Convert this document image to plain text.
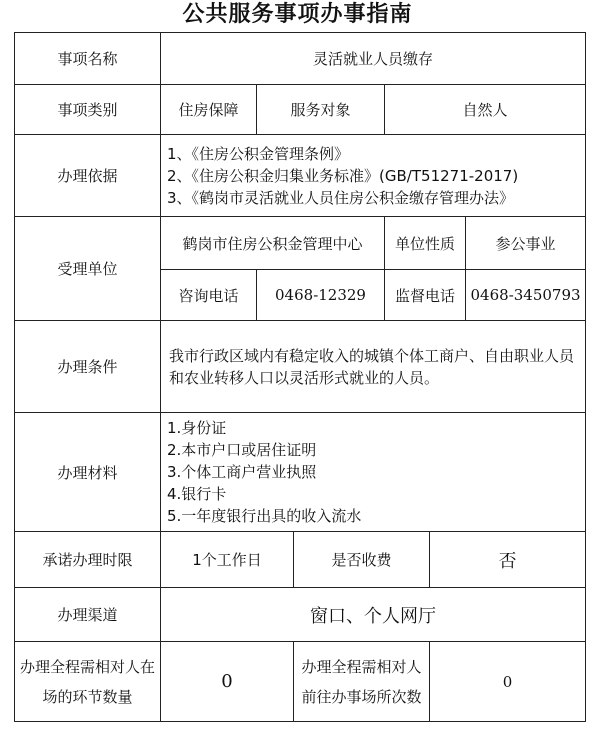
公共服务事项办事指南
事项名称	灵活就业人员缴存					
事项类别	住房保障	服务对象		自然人		
办理依据	1、《住房公积金管理条例》
2、《住房公积金归集业务标准》(GB/T51271-2017)
3、《鹤岗市灵活就业人员住房公积金缴存管理办法》					

受理单位	鹤岗市住房公积金管理中心			单位性质		参公事业
	咨询电话	0468-12329		监督电话		0468-3450793
办理条件	我市行政区域内有稳定收入的城镇个体工商户、自由职业人员和农业转移人口以灵活形式就业的人员。					
办理材料	1.身份证
2.本市户口或居住证明
3.个体工商户营业执照
4.银行卡
5.一年度银行出具的收入流水					

承诺办理时限	1个工作日		是否收费		否	
办理渠道	窗口、个人网厅					
办理全程需相对人在场的环节数量	0		办理全程需相对人前往办事场所次数		0	
